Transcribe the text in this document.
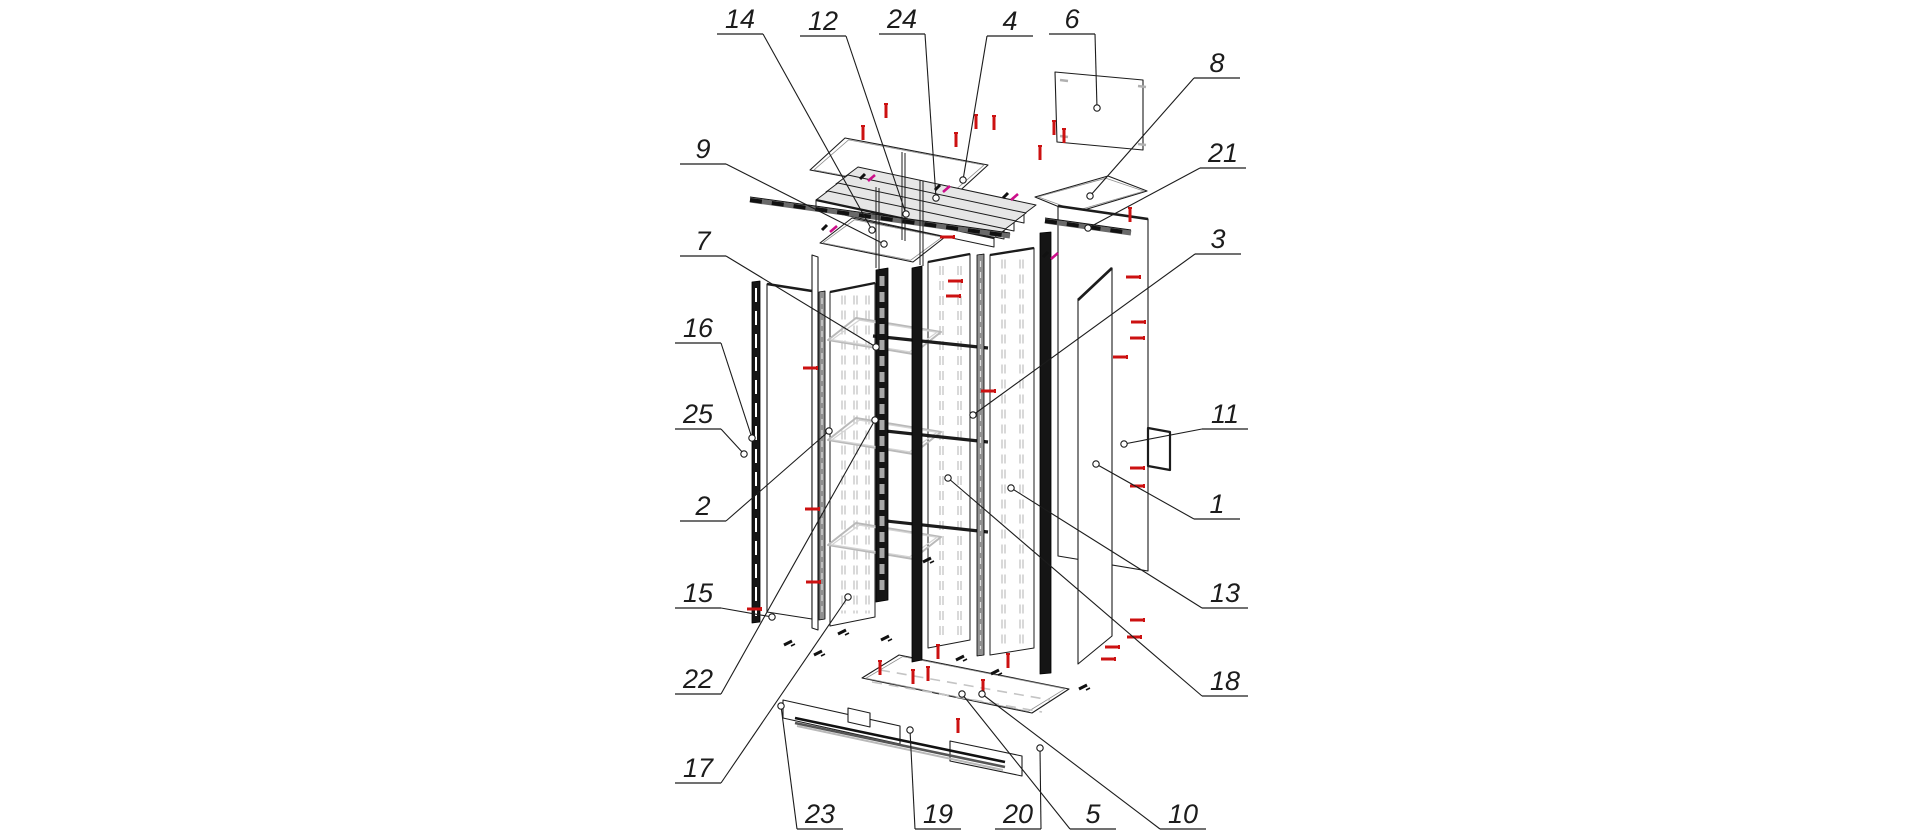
14 12 24	4 6
8
21
9
7	3
16
25	11
2	1
15	13
22	18
17
23	19 20 5 10
